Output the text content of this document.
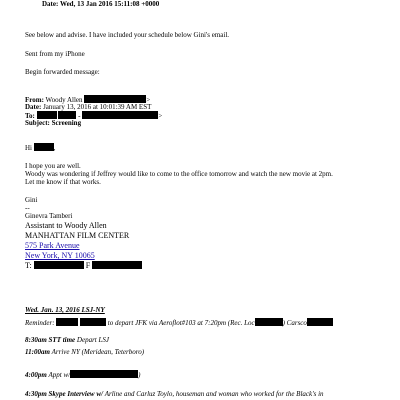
Date: Wed, 13 Jan 2016 15:11:08 +0000
See below and advise. I have included your schedule below Gini's email.
Sent from my iPhone
Begin forwarded message:
From: Woody Allen	>
Date: January 13, 2016 at 10:01:39 AM EST
To:	-	>
Subject: Screening
Hi	,
I hope you are well.
Woody was wondering if Jeffrey would like to come to the office tomorrow and watch the new movie at 2pm.
Let me know if that works.
Gini
--
Ginevra Tamberi
Assistant to Woody Allen
MANHATTAN FILM CENTER
575 Park Avenue
New York, NY 10065
T:	F
Wed. Jan. 13, 2016 LSJ-NY
Reminder:	to depart JFK via Aeroflot#103 at 7:20pm (Rec. Loc	) Carsco
8:30am STT time Depart LSJ
11:00am Arrive NY (Meridean, Teterboro)
4:00pm Appt w/	)
4:30pm Skype Interview w/ Arline and Carluz Toylo, houseman and woman who worked for the Black's in
